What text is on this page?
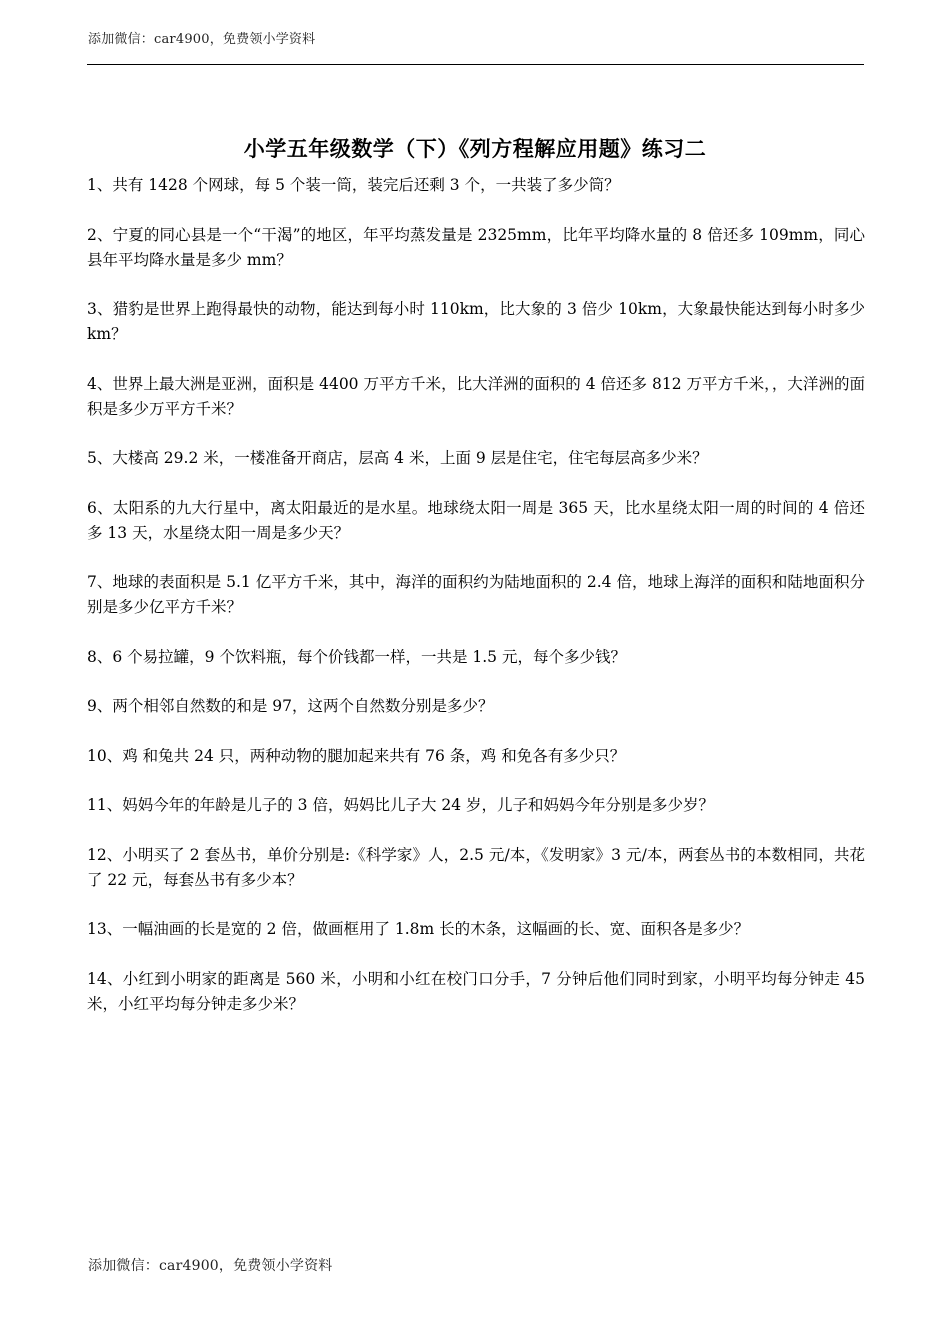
添加微信：car4900，免费领小学资料
小学五年级数学（下）《列方程解应用题》练习二
1、共有 1428 个网球，每 5 个装一筒，装完后还剩 3 个，一共装了多少筒？
2、宁夏的同心县是一个“干渴”的地区，年平均蒸发量是 2325mm，比年平均降水量的 8 倍还多 109mm，同心县年平均降水量是多少 mm？
3、猎豹是世界上跑得最快的动物，能达到每小时 110km，比大象的 3 倍少 10km，大象最快能达到每小时多少 km？
4、世界上最大洲是亚洲，面积是 4400 万平方千米，比大洋洲的面积的 4 倍还多 812 万平方千米，，大洋洲的面积是多少万平方千米？
5、大楼高 29.2 米，一楼准备开商店，层高 4 米，上面 9 层是住宅，住宅每层高多少米？
6、太阳系的九大行星中，离太阳最近的是水星。地球绕太阳一周是 365 天，比水星绕太阳一周的时间的 4 倍还多 13 天，水星绕太阳一周是多少天？
7、地球的表面积是 5.1 亿平方千米，其中，海洋的面积约为陆地面积的 2.4 倍，地球上海洋的面积和陆地面积分别是多少亿平方千米？
8、6 个易拉罐，9 个饮料瓶，每个价钱都一样，一共是 1.5 元，每个多少钱？
9、两个相邻自然数的和是 97，这两个自然数分别是多少？
10、鸡 和兔共 24 只，两种动物的腿加起来共有 76 条，鸡 和免各有多少只？
11、妈妈今年的年龄是儿子的 3 倍，妈妈比儿子大 24 岁，儿子和妈妈今年分别是多少岁？
12、小明买了 2 套丛书，单价分别是:《科学家》人，2.5 元/本，《发明家》3 元/本，两套丛书的本数相同，共花了 22 元，每套丛书有多少本？
13、一幅油画的长是宽的 2 倍，做画框用了 1.8m 长的木条，这幅画的长、宽、面积各是多少？
14、小红到小明家的距离是 560 米，小明和小红在校门口分手，7 分钟后他们同时到家，小明平均每分钟走 45 米，小红平均每分钟走多少米？
添加微信：car4900，免费领小学资料
